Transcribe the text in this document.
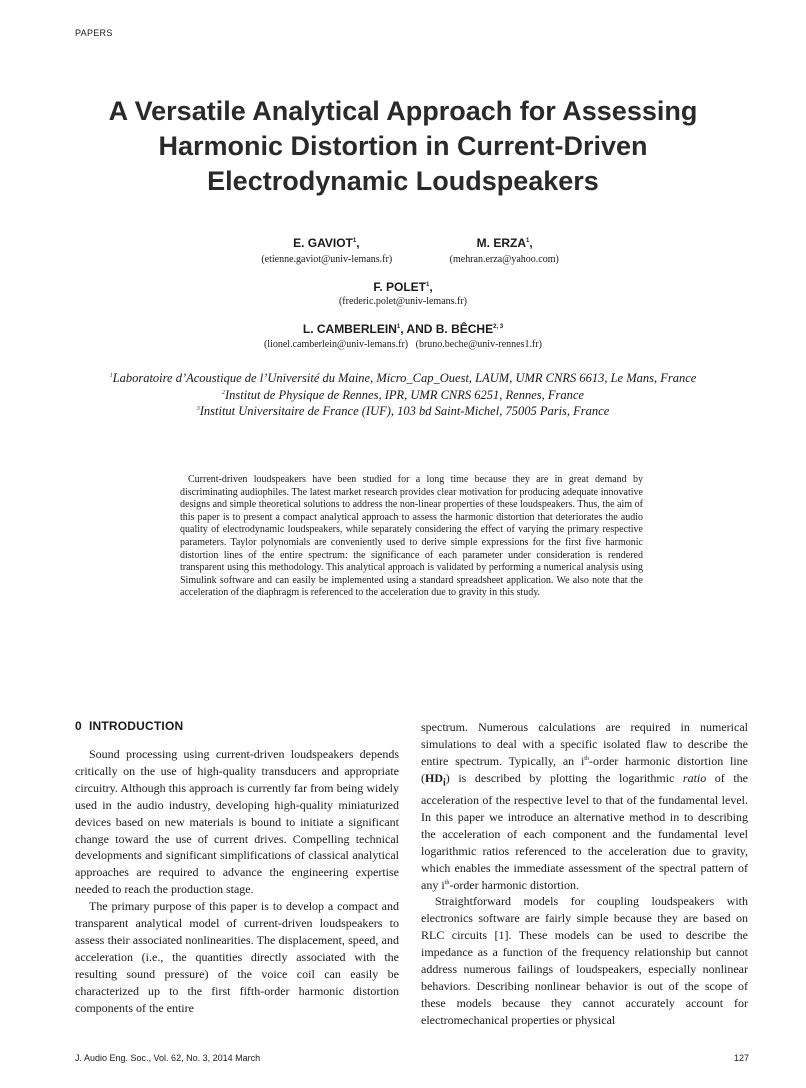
PAPERS
A Versatile Analytical Approach for Assessing
Harmonic Distortion in Current-Driven
Electrodynamic Loudspeakers
E. GAVIOT$^1$,	M. ERZA$^1$,
(etienne.gaviot@univ-lemans.fr)	(mehran.erza@yahoo.com)
F. POLET$^1$,
(frederic.polet@univ-lemans.fr)
L. CAMBERLEIN$^1$, AND B. BÊCHE$^{2, 3}$
(lionel.camberlein@univ-lemans.fr) (bruno.beche@univ-rennes1.fr)
$^1$Laboratoire d’Acoustique de l’Université du Maine, Micro_Cap_Ouest, LAUM, UMR CNRS 6613, Le Mans, France
$^2$Institut de Physique de Rennes, IPR, UMR CNRS 6251, Rennes, France
$^3$Institut Universitaire de France (IUF), 103 bd Saint-Michel, 75005 Paris, France
Current-driven loudspeakers have been studied for a long time because they are in great demand by discriminating audiophiles. The latest market research provides clear motivation for producing adequate innovative designs and simple theoretical solutions to address the non-linear properties of these loudspeakers. Thus, the aim of this paper is to present a compact analytical approach to assess the harmonic distortion that deteriorates the audio quality of electrodynamic loudspeakers, while separately considering the effect of varying the primary respective parameters. Taylor polynomials are conveniently used to derive simple expressions for the first five harmonic distortion lines of the entire spectrum: the significance of each parameter under consideration is rendered transparent using this methodology. This analytical approach is validated by performing a numerical analysis using Simulink software and can easily be implemented using a standard spreadsheet application. We also note that the acceleration of the diaphragm is referenced to the acceleration due to gravity in this study.
0 INTRODUCTION

Sound processing using current-driven loudspeakers depends critically on the use of high-quality transducers and appropriate circuitry. Although this approach is currently far from being widely used in the audio industry, developing high-quality miniaturized devices based on new materials is bound to initiate a significant change toward the use of current drives. Compelling technical developments and significant simplifications of classical analytical approaches are required to advance the engineering expertise needed to reach the production stage.

The primary purpose of this paper is to develop a compact and transparent analytical model of current-driven loudspeakers to assess their associated nonlinearities. The displacement, speed, and acceleration (i.e., the quantities directly associated with the resulting sound pressure) of the voice coil can easily be characterized up to the first fifth-order harmonic distortion components of the entire

spectrum. Numerous calculations are required in numerical simulations to deal with a specific isolated flaw to describe the entire spectrum. Typically, an $i^{th}$-order harmonic distortion line $(HD_i)$ is described by plotting the logarithmic ratio of the acceleration of the respective level to that of the fundamental level. In this paper we introduce an alternative method in to describing the acceleration of each component and the fundamental level logarithmic ratios referenced to the acceleration due to gravity, which enables the immediate assessment of the spectral pattern of any $i^{th}$-order harmonic distortion.

Straightforward models for coupling loudspeakers with electronics software are fairly simple because they are based on RLC circuits [1]. These models can be used to describe the impedance as a function of the frequency relationship but cannot address numerous failings of loudspeakers, especially nonlinear behaviors. Describing nonlinear behavior is out of the scope of these models because they cannot accurately account for electromechanical properties or physical

J. Audio Eng. Soc., Vol. 62, No. 3, 2014 March	127
